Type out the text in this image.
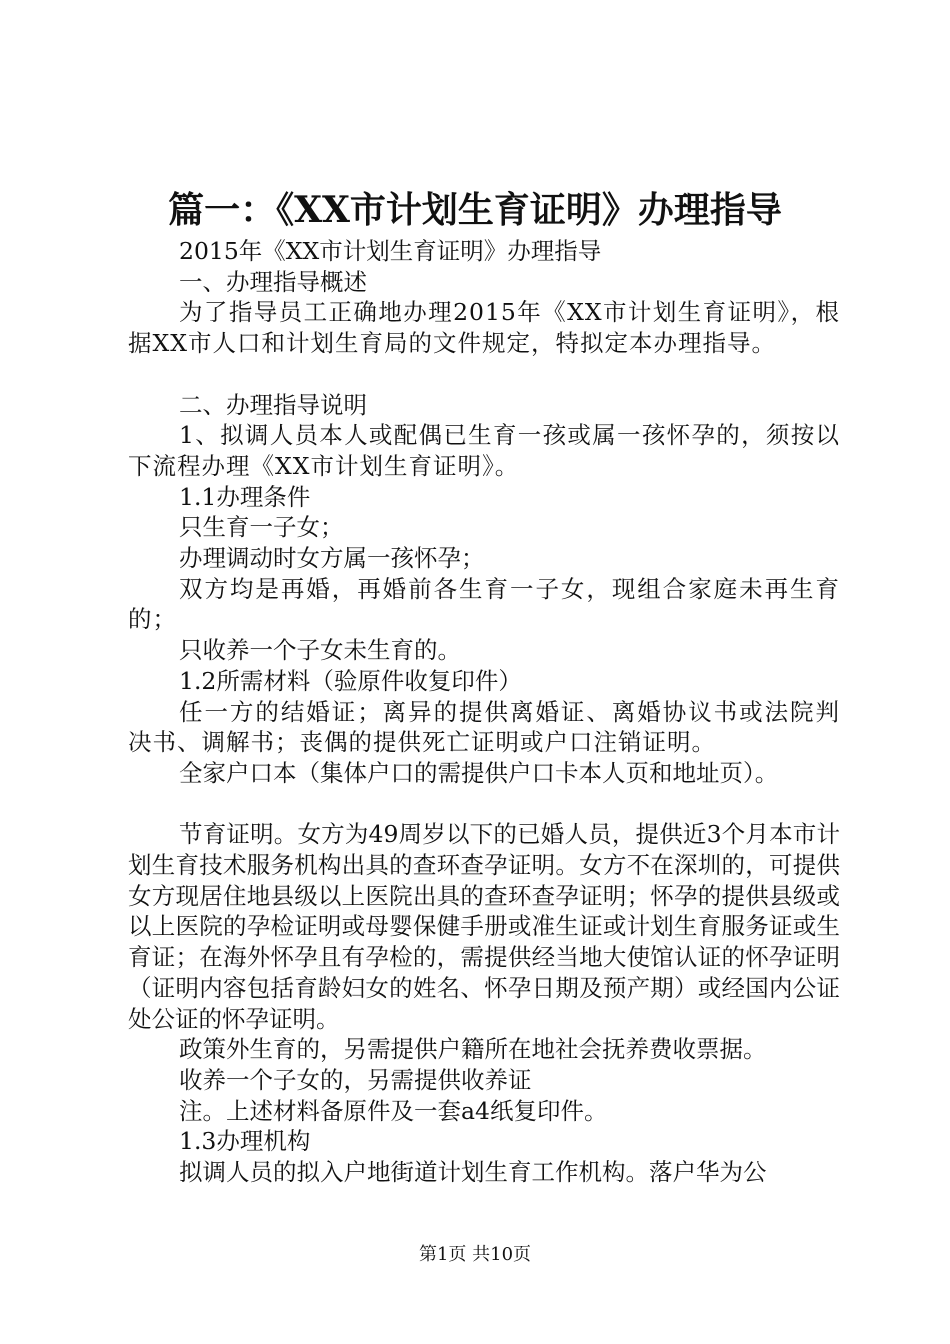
篇一：《XX市计划生育证明》办理指导

2015年《XX市计划生育证明》办理指导

一、办理指导概述

为了指导员工正确地办理2015年《XX市计划生育证明》，根据XX市人口和计划生育局的文件规定，特拟定本办理指导。

二、办理指导说明

1、拟调人员本人或配偶已生育一孩或属一孩怀孕的，须按以下流程办理《XX市计划生育证明》。

1.1办理条件

只生育一子女；

办理调动时女方属一孩怀孕；

双方均是再婚，再婚前各生育一子女，现组合家庭未再生育的；

只收养一个子女未生育的。

1.2所需材料（验原件收复印件）

任一方的结婚证；离异的提供离婚证、离婚协议书或法院判决书、调解书；丧偶的提供死亡证明或户口注销证明。

全家户口本（集体户口的需提供户口卡本人页和地址页）。

节育证明。女方为49周岁以下的已婚人员，提供近3个月本市计划生育技术服务机构出具的查环查孕证明。女方不在深圳的，可提供女方现居住地县级以上医院出具的查环查孕证明；怀孕的提供县级或以上医院的孕检证明或母婴保健手册或准生证或计划生育服务证或生育证；在海外怀孕且有孕检的，需提供经当地大使馆认证的怀孕证明（证明内容包括育龄妇女的姓名、怀孕日期及预产期）或经国内公证处公证的怀孕证明。

政策外生育的，另需提供户籍所在地社会抚养费收票据。

收养一个子女的，另需提供收养证

注。上述材料备原件及一套a4纸复印件。

1.3办理机构

拟调人员的拟入户地街道计划生育工作机构。落户华为公

第1页 共10页
